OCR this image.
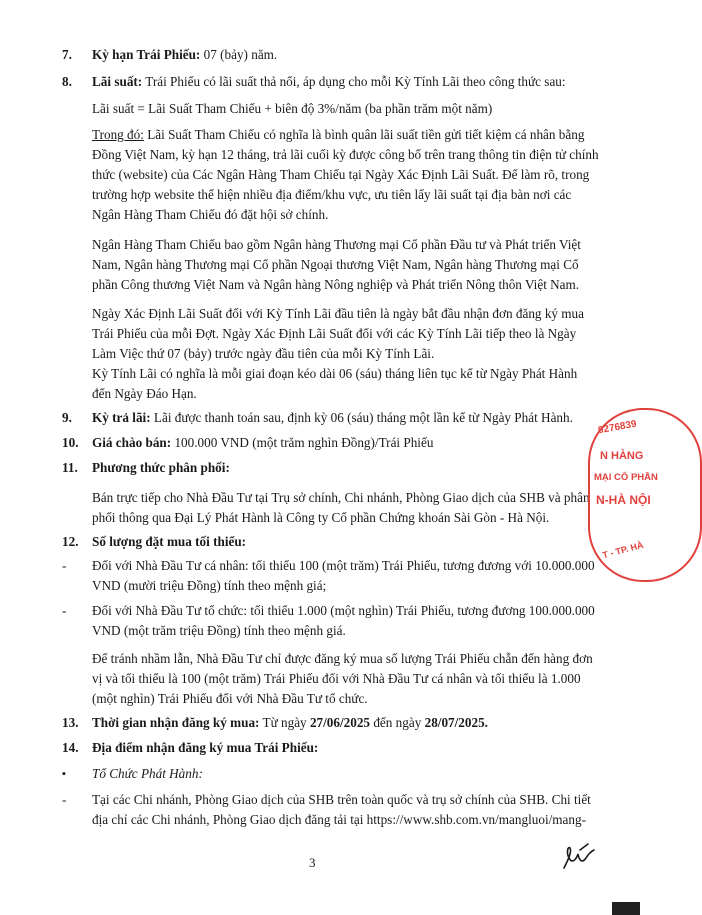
7. Kỳ hạn Trái Phiếu: 07 (bảy) năm.
8. Lãi suất: Trái Phiếu có lãi suất thả nổi, áp dụng cho mỗi Kỳ Tính Lãi theo công thức sau:
Lãi suất = Lãi Suất Tham Chiếu + biên độ 3%/năm (ba phần trăm một năm)
Trong đó: Lãi Suất Tham Chiếu có nghĩa là bình quân lãi suất tiền gửi tiết kiệm cá nhân bằng
Đồng Việt Nam, kỳ hạn 12 tháng, trả lãi cuối kỳ được công bố trên trang thông tin điện tử chính
thức (website) của Các Ngân Hàng Tham Chiếu tại Ngày Xác Định Lãi Suất. Để làm rõ, trong
trường hợp website thể hiện nhiều địa điểm/khu vực, ưu tiên lấy lãi suất tại địa bàn nơi các
Ngân Hàng Tham Chiếu đó đặt hội sở chính.
Ngân Hàng Tham Chiếu bao gồm Ngân hàng Thương mại Cổ phần Đầu tư và Phát triển Việt
Nam, Ngân hàng Thương mại Cổ phần Ngoại thương Việt Nam, Ngân hàng Thương mại Cổ
phần Công thương Việt Nam và Ngân hàng Nông nghiệp và Phát triển Nông thôn Việt Nam.
Ngày Xác Định Lãi Suất đối với Kỳ Tính Lãi đầu tiên là ngày bắt đầu nhận đơn đăng ký mua
Trái Phiếu của mỗi Đợt. Ngày Xác Định Lãi Suất đối với các Kỳ Tính Lãi tiếp theo là Ngày
Làm Việc thứ 07 (bảy) trước ngày đầu tiên của mỗi Kỳ Tính Lãi.
Kỳ Tính Lãi có nghĩa là mỗi giai đoạn kéo dài 06 (sáu) tháng liên tục kể từ Ngày Phát Hành
đến Ngày Đáo Hạn.
9. Kỳ trả lãi: Lãi được thanh toán sau, định kỳ 06 (sáu) tháng một lần kể từ Ngày Phát Hành.
10. Giá chào bán: 100.000 VND (một trăm nghìn Đồng)/Trái Phiếu
11. Phương thức phân phối:
Bán trực tiếp cho Nhà Đầu Tư tại Trụ sở chính, Chi nhánh, Phòng Giao dịch của SHB và phân
phối thông qua Đại Lý Phát Hành là Công ty Cổ phần Chứng khoán Sài Gòn - Hà Nội.
12. Số lượng đặt mua tối thiểu:
- Đối với Nhà Đầu Tư cá nhân: tối thiểu 100 (một trăm) Trái Phiếu, tương đương với 10.000.000
VND (mười triệu Đồng) tính theo mệnh giá;
- Đối với Nhà Đầu Tư tổ chức: tối thiểu 1.000 (một nghìn) Trái Phiếu, tương đương 100.000.000
VND (một trăm triệu Đồng) tính theo mệnh giá.
Để tránh nhầm lẫn, Nhà Đầu Tư chỉ được đăng ký mua số lượng Trái Phiếu chẵn đến hàng đơn
vị và tối thiểu là 100 (một trăm) Trái Phiếu đối với Nhà Đầu Tư cá nhân và tối thiểu là 1.000
(một nghìn) Trái Phiếu đối với Nhà Đầu Tư tổ chức.
13. Thời gian nhận đăng ký mua: Từ ngày 27/06/2025 đến ngày 28/07/2025.
14. Địa điểm nhận đăng ký mua Trái Phiếu:
▪ Tổ Chức Phát Hành:
- Tại các Chi nhánh, Phòng Giao dịch của SHB trên toàn quốc và trụ sở chính của SHB. Chi tiết
địa chỉ các Chi nhánh, Phòng Giao dịch đăng tải tại https://www.shb.com.vn/mangluoi/mang-
0276839
N HÀNG
MẠI CỔ PHẦN
N-HÀ NỘI
T - TP. HÀ
3
